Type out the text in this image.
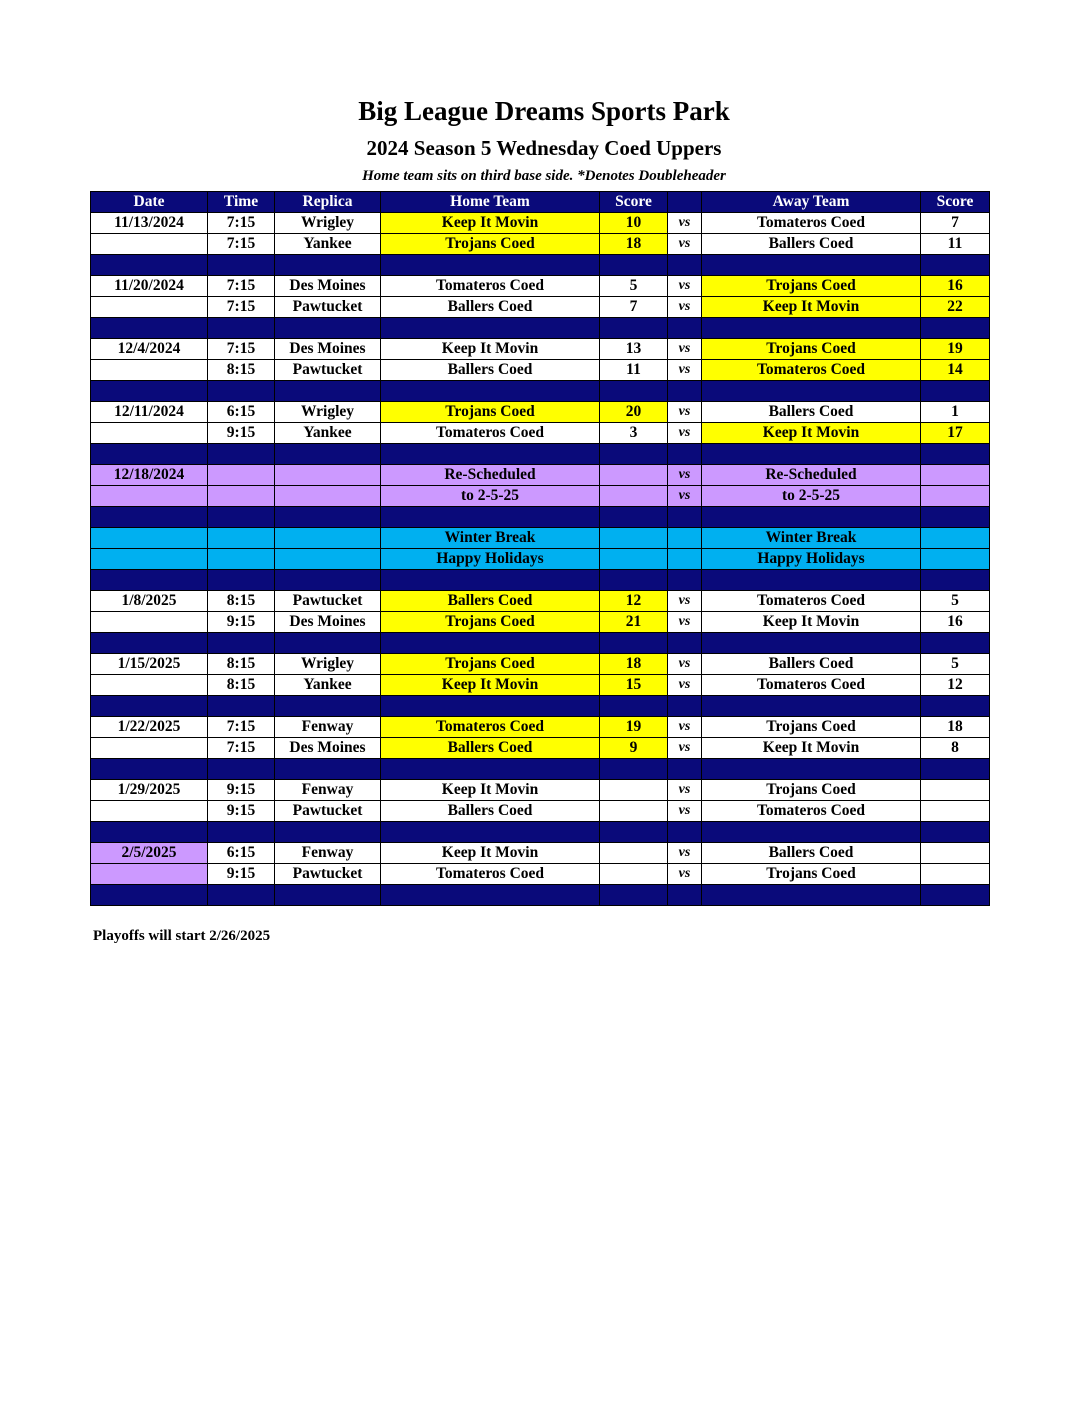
Big League Dreams Sports Park
2024 Season 5 Wednesday Coed Uppers
Home team sits on third base side. *Denotes Doubleheader
Date	Time	Replica	Home Team	Score		Away Team	Score
11/13/2024	7:15	Wrigley	Keep It Movin	10	vs	Tomateros Coed	7
	7:15	Yankee	Trojans Coed	18	vs	Ballers Coed	11

11/20/2024	7:15	Des Moines	Tomateros Coed	5	vs	Trojans Coed	16
	7:15	Pawtucket	Ballers Coed	7	vs	Keep It Movin	22

12/4/2024	7:15	Des Moines	Keep It Movin	13	vs	Trojans Coed	19
	8:15	Pawtucket	Ballers Coed	11	vs	Tomateros Coed	14

12/11/2024	6:15	Wrigley	Trojans Coed	20	vs	Ballers Coed	1
	9:15	Yankee	Tomateros Coed	3	vs	Keep It Movin	17

12/18/2024			Re-Scheduled		vs	Re-Scheduled	
			to 2-5-25		vs	to 2-5-25	

			Winter Break			Winter Break	
			Happy Holidays			Happy Holidays	

1/8/2025	8:15	Pawtucket	Ballers Coed	12	vs	Tomateros Coed	5
	9:15	Des Moines	Trojans Coed	21	vs	Keep It Movin	16

1/15/2025	8:15	Wrigley	Trojans Coed	18	vs	Ballers Coed	5
	8:15	Yankee	Keep It Movin	15	vs	Tomateros Coed	12

1/22/2025	7:15	Fenway	Tomateros Coed	19	vs	Trojans Coed	18
	7:15	Des Moines	Ballers Coed	9	vs	Keep It Movin	8

1/29/2025	9:15	Fenway	Keep It Movin		vs	Trojans Coed	
	9:15	Pawtucket	Ballers Coed		vs	Tomateros Coed	

2/5/2025	6:15	Fenway	Keep It Movin		vs	Ballers Coed	
	9:15	Pawtucket	Tomateros Coed		vs	Trojans Coed	

Playoffs will start 2/26/2025
